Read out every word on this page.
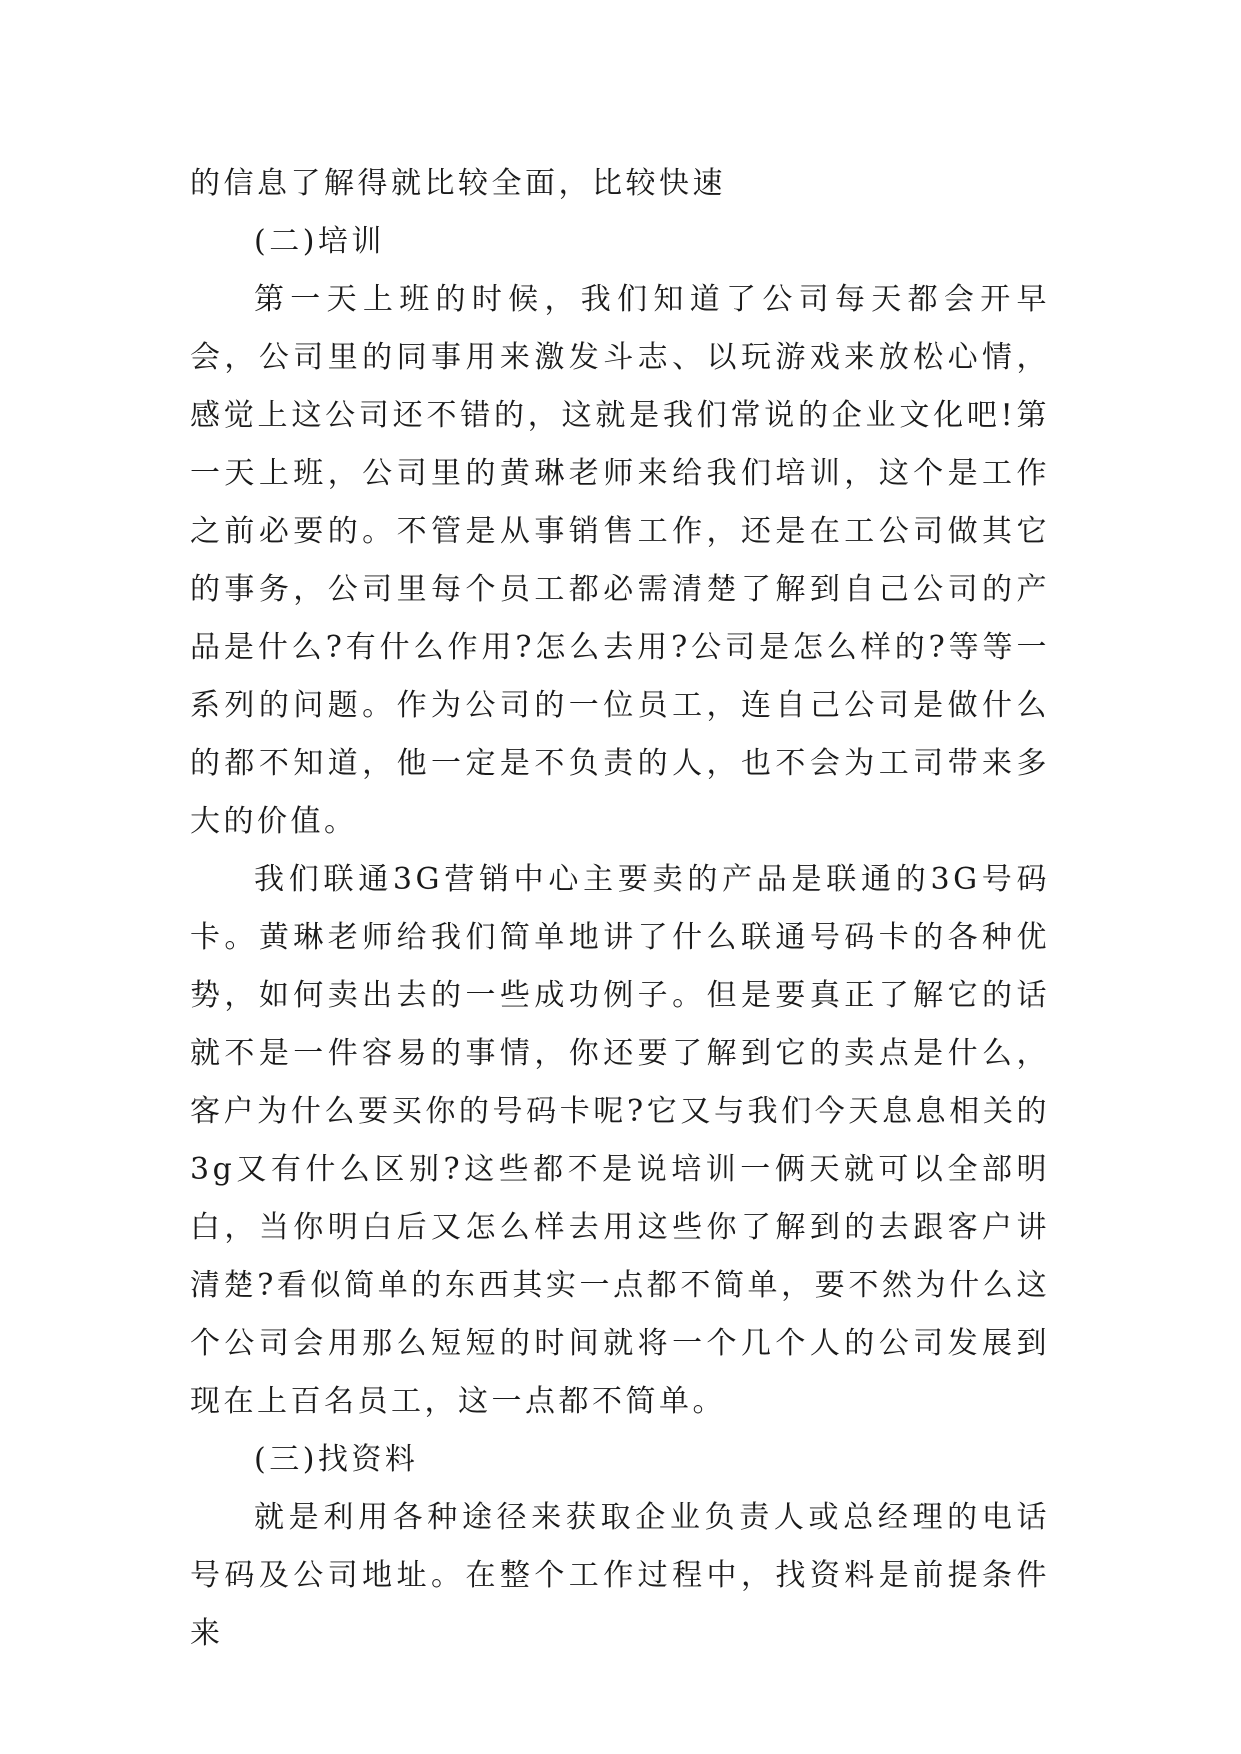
的信息了解得就比较全面，比较快速

(二)培训

第一天上班的时候，我们知道了公司每天都会开早会，公司里的同事用来激发斗志、以玩游戏来放松心情，感觉上这公司还不错的，这就是我们常说的企业文化吧!第一天上班，公司里的黄琳老师来给我们培训，这个是工作之前必要的。不管是从事销售工作，还是在工公司做其它的事务，公司里每个员工都必需清楚了解到自己公司的产品是什么?有什么作用?怎么去用?公司是怎么样的?等等一系列的问题。作为公司的一位员工，连自己公司是做什么的都不知道，他一定是不负责的人，也不会为工司带来多大的价值。

我们联通3G营销中心主要卖的产品是联通的3G号码卡。黄琳老师给我们简单地讲了什么联通号码卡的各种优势，如何卖出去的一些成功例子。但是要真正了解它的话就不是一件容易的事情，你还要了解到它的卖点是什么，客户为什么要买你的号码卡呢?它又与我们今天息息相关的3g又有什么区别?这些都不是说培训一俩天就可以全部明白，当你明白后又怎么样去用这些你了解到的去跟客户讲清楚?看似简单的东西其实一点都不简单，要不然为什么这个公司会用那么短短的时间就将一个几个人的公司发展到现在上百名员工，这一点都不简单。

(三)找资料

就是利用各种途径来获取企业负责人或总经理的电话号码及公司地址。在整个工作过程中，找资料是前提条件来
